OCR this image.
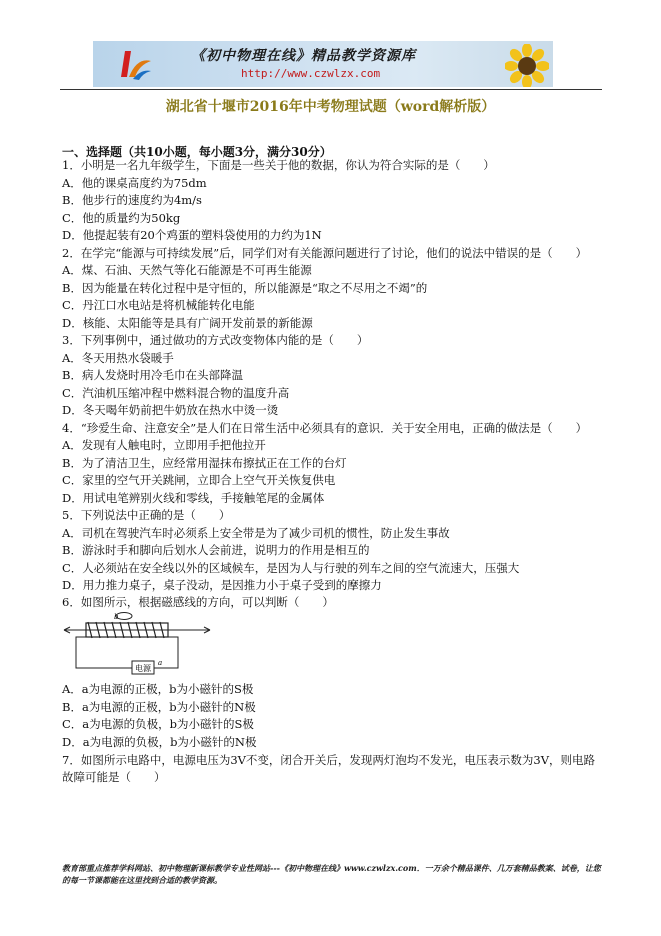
《初中物理在线》精品教学资源库
http://www.czwlzx.com
湖北省十堰市2016年中考物理试题（word解析版）
一、选择题（共10小题，每小题3分，满分30分）
1．小明是一名九年级学生，下面是一些关于他的数据，你认为符合实际的是（　　）
A．他的课桌高度约为75dm
B．他步行的速度约为4m/s
C．他的质量约为50kg
D．他提起装有20个鸡蛋的塑料袋使用的力约为1N
2．在学完“能源与可持续发展”后，同学们对有关能源问题进行了讨论，他们的说法中错误的是（　　）
A．煤、石油、天然气等化石能源是不可再生能源
B．因为能量在转化过程中是守恒的，所以能源是“取之不尽用之不竭”的
C．丹江口水电站是将机械能转化电能
D．核能、太阳能等是具有广阔开发前景的新能源
3．下列事例中，通过做功的方式改变物体内能的是（　　）
A．冬天用热水袋暖手
B．病人发烧时用冷毛巾在头部降温
C．汽油机压缩冲程中燃料混合物的温度升高
D．冬天喝年奶前把牛奶放在热水中烫一烫
4．“珍爱生命、注意安全”是人们在日常生活中必须具有的意识．关于安全用电，正确的做法是（　　）
A．发现有人触电时，立即用手把他拉开
B．为了清洁卫生，应经常用湿抹布擦拭正在工作的台灯
C．家里的空气开关跳闸，立即合上空气开关恢复供电
D．用试电笔辨别火线和零线，手接触笔尾的金属体
5．下列说法中正确的是（　　）
A．司机在驾驶汽车时必须系上安全带是为了减少司机的惯性，防止发生事故
B．游泳时手和脚向后划水人会前进，说明力的作用是相互的
C．人必须站在安全线以外的区域候车，是因为人与行驶的列车之间的空气流速大，压强大
D．用力推力桌子，桌子没动，是因推力小于桌子受到的摩擦力
6．如图所示，根据磁感线的方向，可以判断（　　）
A．a为电源的正极，b为小磁针的S极
B．a为电源的正极，b为小磁针的N极
C．a为电源的负极，b为小磁针的S极
D．a为电源的负极，b为小磁针的N极
7．如图所示电路中，电源电压为3V不变，闭合开关后，发现两灯泡均不发光，电压表示数为3V，则电路故障可能是（　　）
电源
a
b
教育部重点推荐学科网站、初中物理新课标教学专业性网站---《初中物理在线》www.czwlzx.com．一万余个精品课件、几万套精品教案、试卷，让您的每一节课都能在这里找到合适的教学资源。
